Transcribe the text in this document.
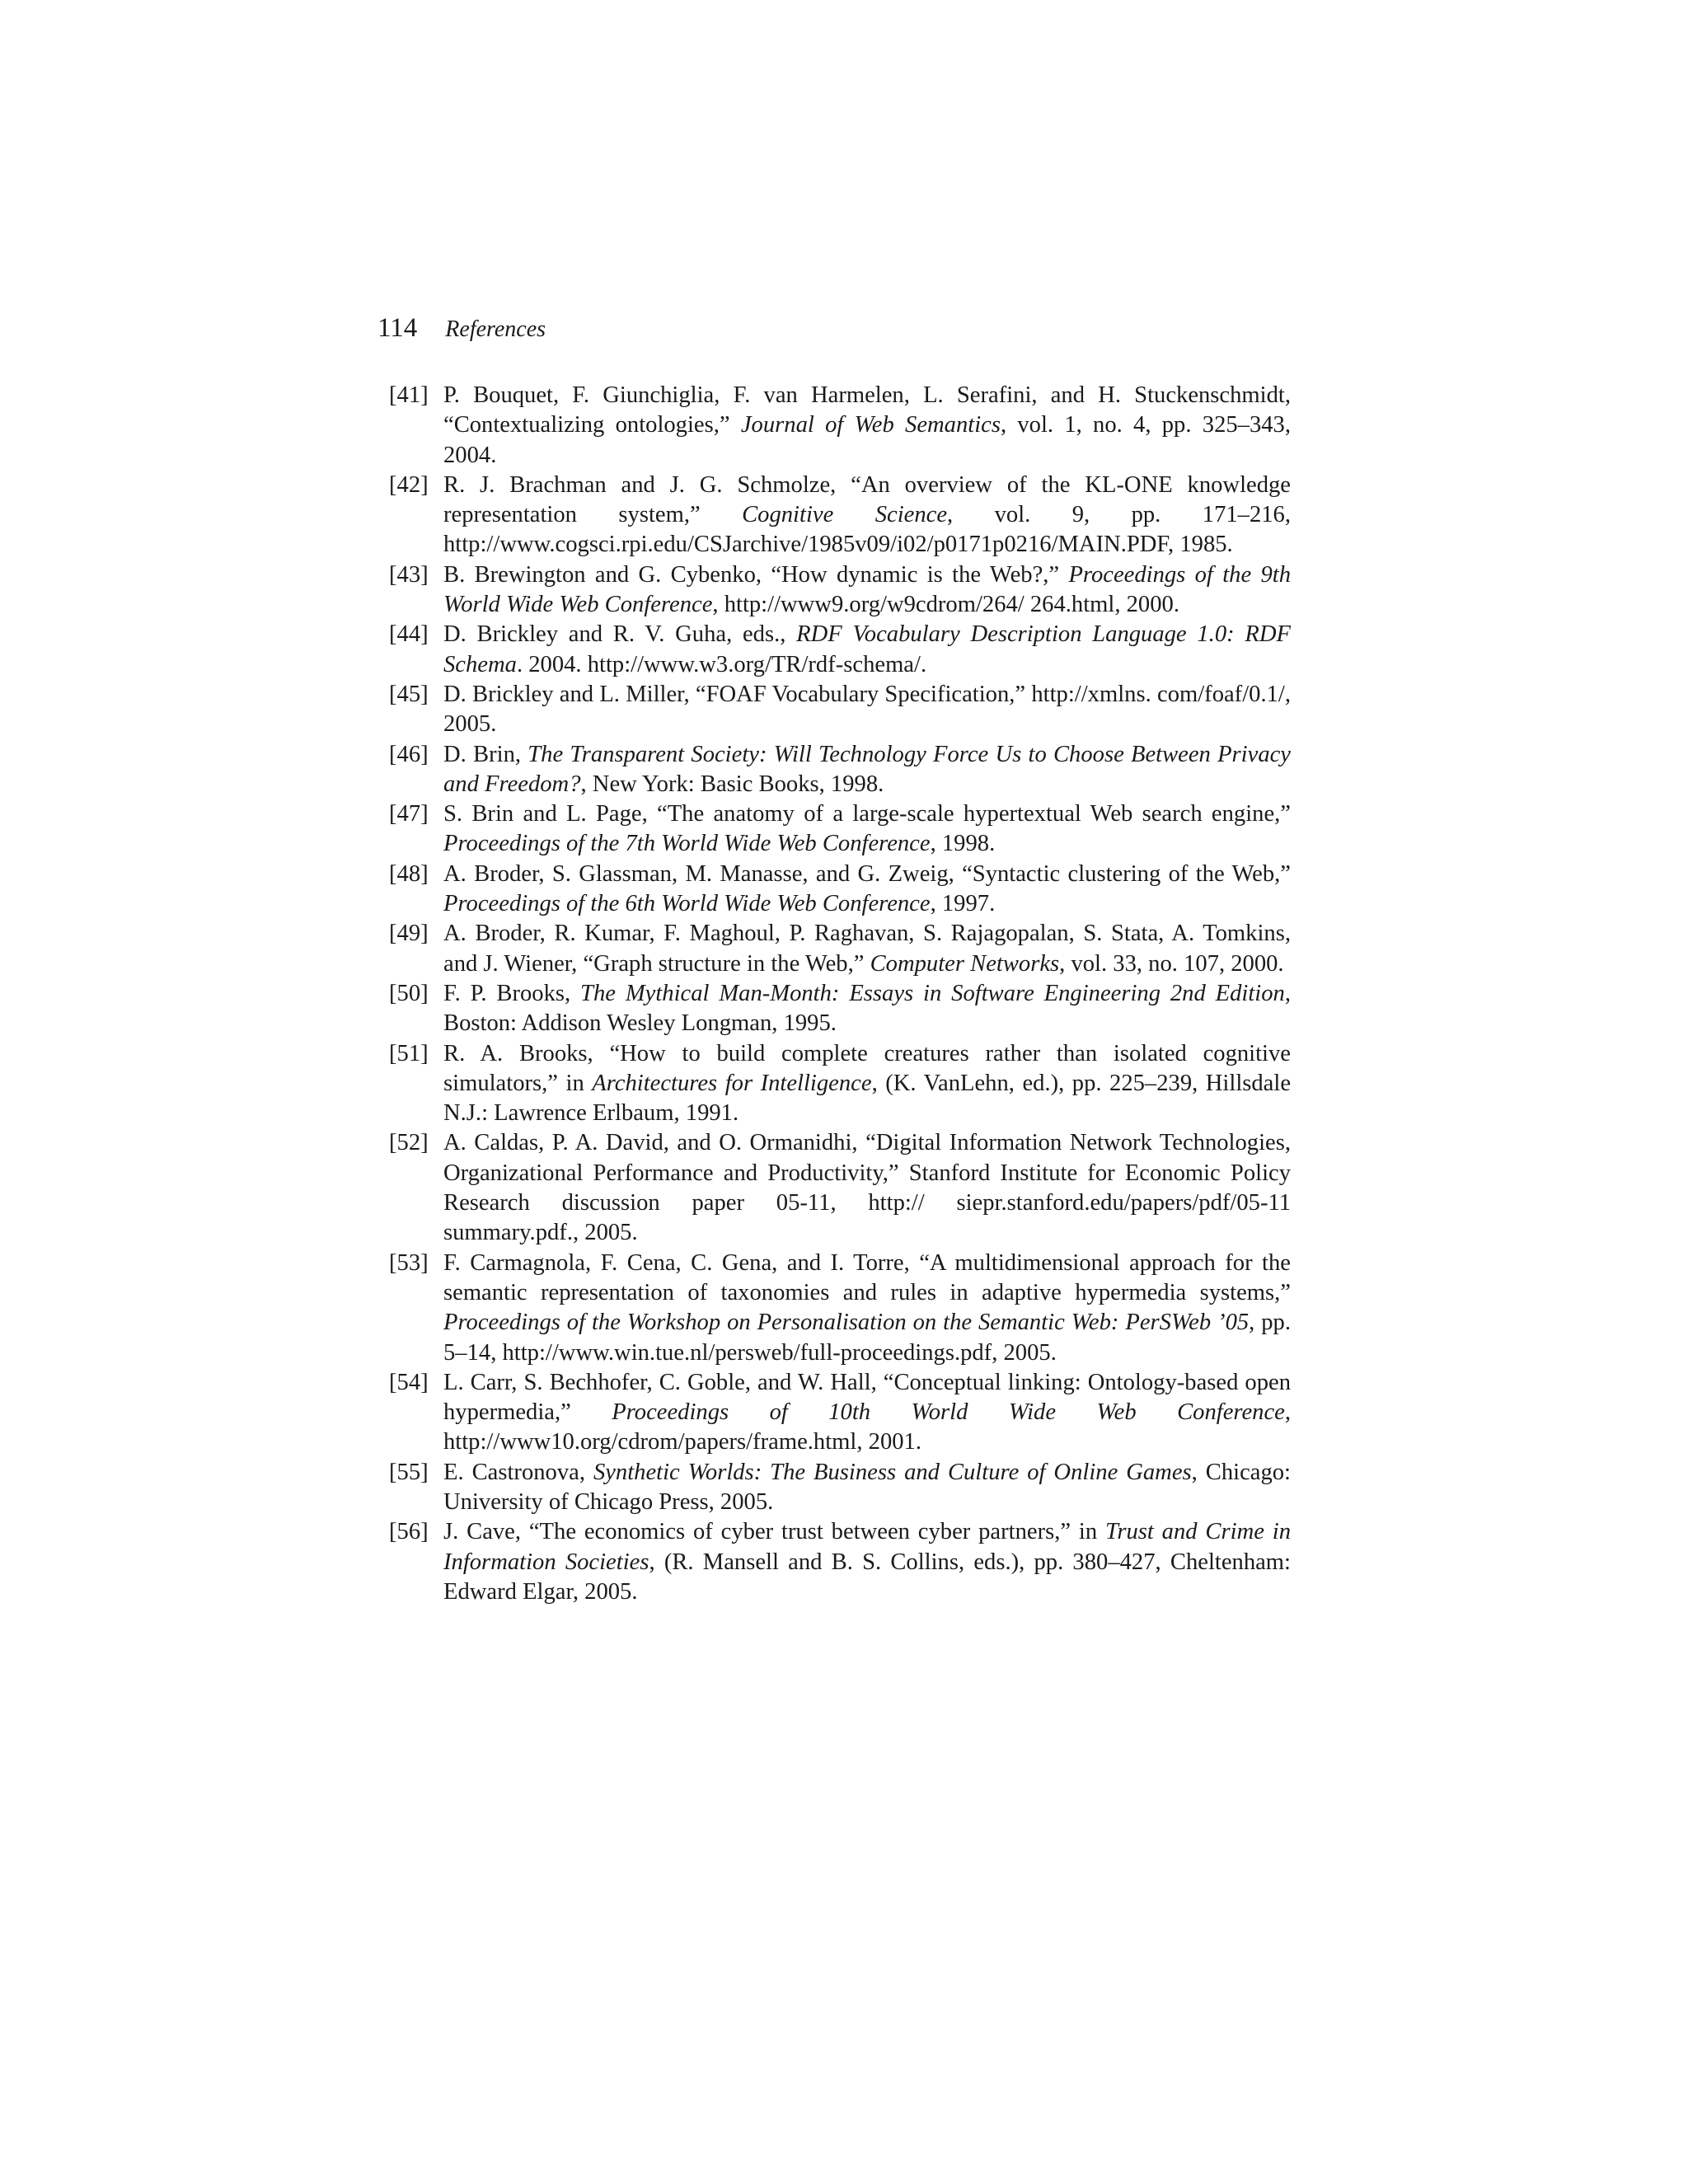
114 References
[41] P. Bouquet, F. Giunchiglia, F. van Harmelen, L. Serafini, and H. Stuckenschmidt, “Contextualizing ontologies,” Journal of Web Semantics, vol. 1, no. 4, pp. 325–343, 2004.
[42] R. J. Brachman and J. G. Schmolze, “An overview of the KL-ONE knowledge representation system,” Cognitive Science, vol. 9, pp. 171–216, http://www.cogsci.rpi.edu/CSJarchive/1985v09/i02/p0171p0216/MAIN.PDF, 1985.
[43] B. Brewington and G. Cybenko, “How dynamic is the Web?,” Proceedings of the 9th World Wide Web Conference, http://www9.org/w9cdrom/264/ 264.html, 2000.
[44] D. Brickley and R. V. Guha, eds., RDF Vocabulary Description Language 1.0: RDF Schema. 2004. http://www.w3.org/TR/rdf-schema/.
[45] D. Brickley and L. Miller, “FOAF Vocabulary Specification,” http://xmlns. com/foaf/0.1/, 2005.
[46] D. Brin, The Transparent Society: Will Technology Force Us to Choose Between Privacy and Freedom?, New York: Basic Books, 1998.
[47] S. Brin and L. Page, “The anatomy of a large-scale hypertextual Web search engine,” Proceedings of the 7th World Wide Web Conference, 1998.
[48] A. Broder, S. Glassman, M. Manasse, and G. Zweig, “Syntactic clustering of the Web,” Proceedings of the 6th World Wide Web Conference, 1997.
[49] A. Broder, R. Kumar, F. Maghoul, P. Raghavan, S. Rajagopalan, S. Stata, A. Tomkins, and J. Wiener, “Graph structure in the Web,” Computer Networks, vol. 33, no. 107, 2000.
[50] F. P. Brooks, The Mythical Man-Month: Essays in Software Engineering 2nd Edition, Boston: Addison Wesley Longman, 1995.
[51] R. A. Brooks, “How to build complete creatures rather than isolated cognitive simulators,” in Architectures for Intelligence, (K. VanLehn, ed.), pp. 225–239, Hillsdale N.J.: Lawrence Erlbaum, 1991.
[52] A. Caldas, P. A. David, and O. Ormanidhi, “Digital Information Network Technologies, Organizational Performance and Productivity,” Stanford Institute for Economic Policy Research discussion paper 05-11, http:// siepr.stanford.edu/papers/pdf/05-11 summary.pdf., 2005.
[53] F. Carmagnola, F. Cena, C. Gena, and I. Torre, “A multidimensional approach for the semantic representation of taxonomies and rules in adaptive hypermedia systems,” Proceedings of the Workshop on Personalisation on the Semantic Web: PerSWeb ’05, pp. 5–14, http://www.win.tue.nl/persweb/full-proceedings.pdf, 2005.
[54] L. Carr, S. Bechhofer, C. Goble, and W. Hall, “Conceptual linking: Ontology-based open hypermedia,” Proceedings of 10th World Wide Web Conference, http://www10.org/cdrom/papers/frame.html, 2001.
[55] E. Castronova, Synthetic Worlds: The Business and Culture of Online Games, Chicago: University of Chicago Press, 2005.
[56] J. Cave, “The economics of cyber trust between cyber partners,” in Trust and Crime in Information Societies, (R. Mansell and B. S. Collins, eds.), pp. 380–427, Cheltenham: Edward Elgar, 2005.
